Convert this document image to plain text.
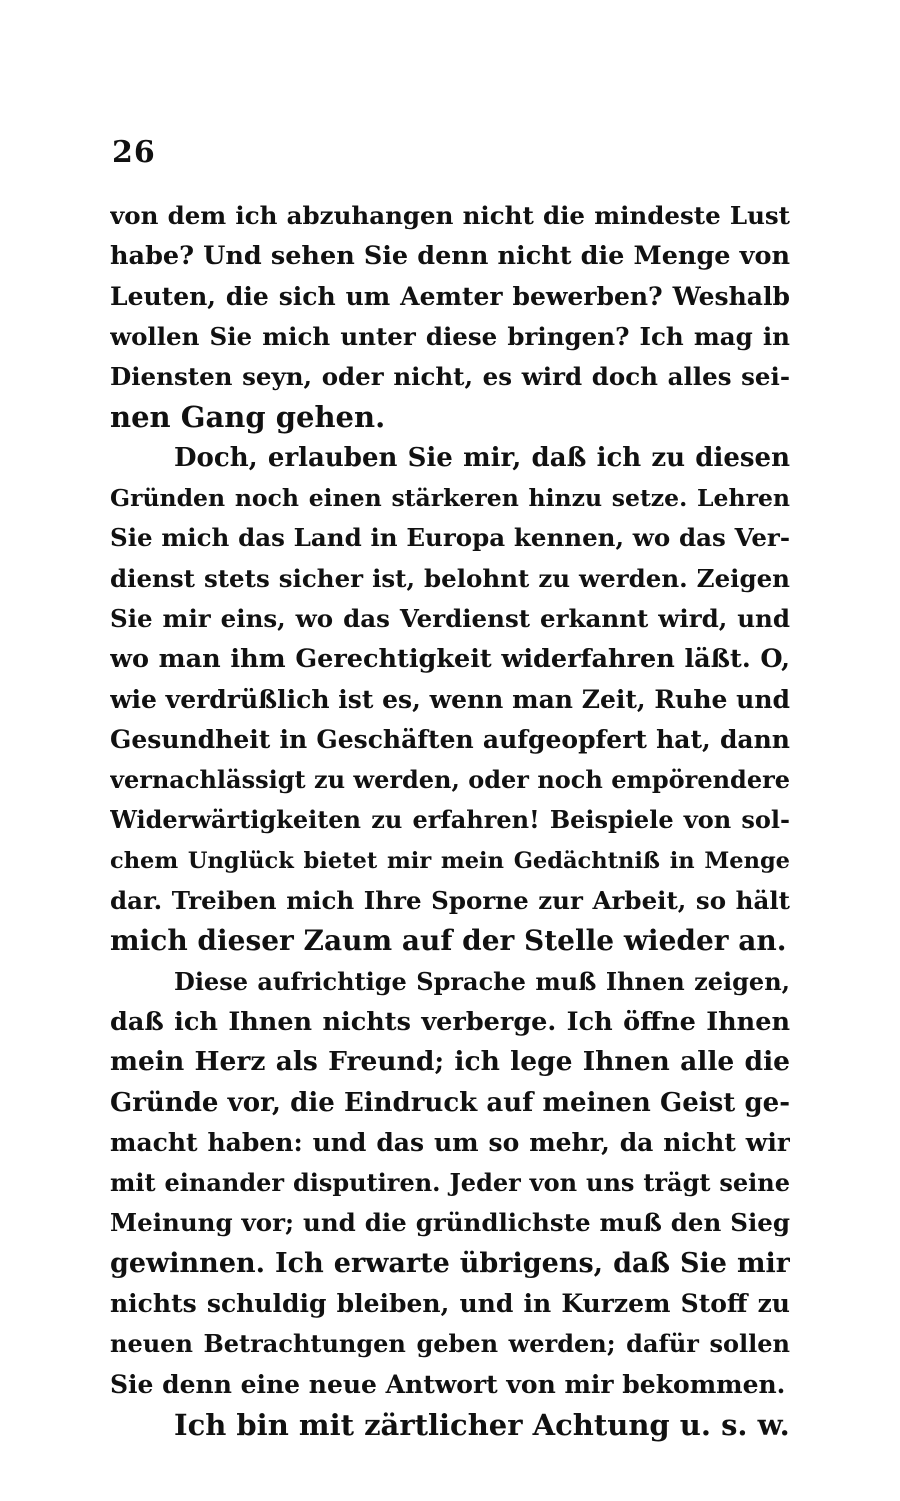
26
von dem ich abzuhangen nicht die mindeste Lust
habe? Und sehen Sie denn nicht die Menge von
Leuten, die sich um Aemter bewerben? Weshalb
wollen Sie mich unter diese bringen? Ich mag in
Diensten seyn, oder nicht, es wird doch alles sei-
nen Gang gehen.
Doch, erlauben Sie mir, daß ich zu diesen
Gründen noch einen stärkeren hinzu setze. Lehren
Sie mich das Land in Europa kennen, wo das Ver-
dienst stets sicher ist, belohnt zu werden. Zeigen
Sie mir eins, wo das Verdienst erkannt wird, und
wo man ihm Gerechtigkeit widerfahren läßt. O,
wie verdrüßlich ist es, wenn man Zeit, Ruhe und
Gesundheit in Geschäften aufgeopfert hat, dann
vernachlässigt zu werden, oder noch empörendere
Widerwärtigkeiten zu erfahren! Beispiele von sol-
chem Unglück bietet mir mein Gedächtniß in Menge
dar. Treiben mich Ihre Sporne zur Arbeit, so hält
mich dieser Zaum auf der Stelle wieder an.
Diese aufrichtige Sprache muß Ihnen zeigen,
daß ich Ihnen nichts verberge. Ich öffne Ihnen
mein Herz als Freund; ich lege Ihnen alle die
Gründe vor, die Eindruck auf meinen Geist ge-
macht haben: und das um so mehr, da nicht wir
mit einander disputiren. Jeder von uns trägt seine
Meinung vor; und die gründlichste muß den Sieg
gewinnen. Ich erwarte übrigens, daß Sie mir
nichts schuldig bleiben, und in Kurzem Stoff zu
neuen Betrachtungen geben werden; dafür sollen
Sie denn eine neue Antwort von mir bekommen.
Ich bin mit zärtlicher Achtung u. s. w.
